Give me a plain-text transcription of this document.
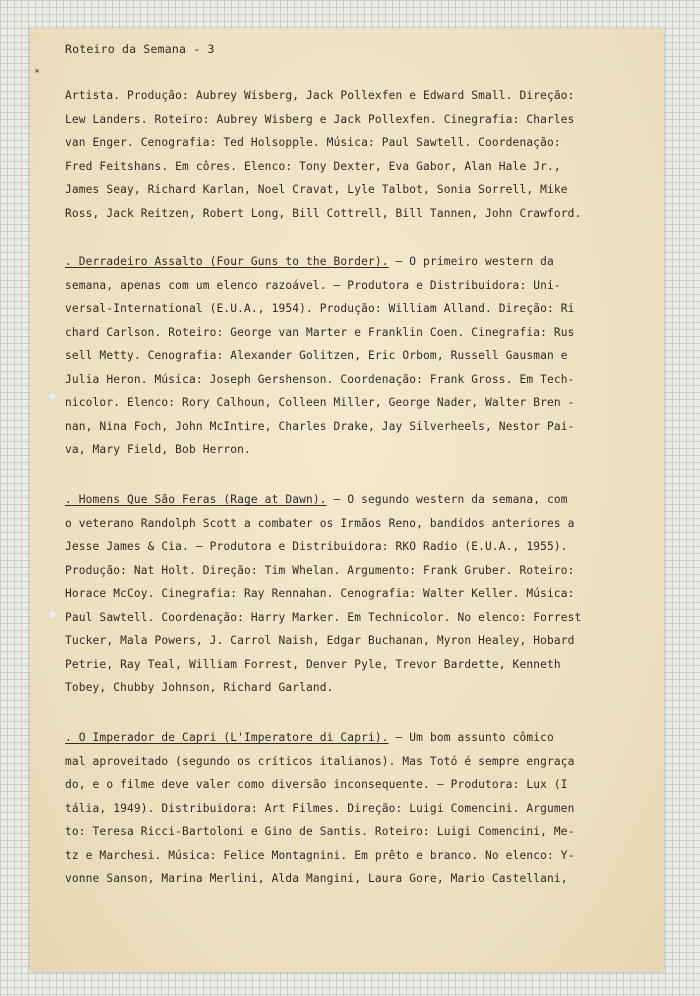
✶
Roteiro da Semana - 3
Artista. Produção: Aubrey Wisberg, Jack Pollexfen e Edward Small. Direção:
Lew Landers. Roteiro: Aubrey Wisberg e Jack Pollexfen. Cinegrafia: Charles
van Enger. Cenografia: Ted Holsopple. Música: Paul Sawtell. Coordenação:
Fred Feitshans. Em côres. Elenco: Tony Dexter, Eva Gabor, Alan Hale Jr.,
James Seay, Richard Karlan, Noel Cravat, Lyle Talbot, Sonia Sorrell, Mike
Ross, Jack Reitzen, Robert Long, Bill Cottrell, Bill Tannen, John Crawford.
. Derradeiro Assalto (Four Guns to the Border). — O primeiro western da
semana, apenas com um elenco razoável. — Produtora e Distribuidora: Uni-
versal-International (E.U.A., 1954). Produção: William Alland. Direção: Ri
chard Carlson. Roteiro: George van Marter e Franklin Coen. Cinegrafia: Rus
sell Metty. Cenografia: Alexander Golitzen, Eric Orbom, Russell Gausman e
Julia Heron. Música: Joseph Gershenson. Coordenação: Frank Gross. Em Tech-
nicolor. Elenco: Rory Calhoun, Colleen Miller, George Nader, Walter Bren -
nan, Nina Foch, John McIntire, Charles Drake, Jay Silverheels, Nestor Pai-
va, Mary Field, Bob Herron.
. Homens Que São Feras (Rage at Dawn). — O segundo western da semana, com
o veterano Randolph Scott a combater os Irmãos Reno, bandidos anteriores a
Jesse James & Cia. — Produtora e Distribuidora: RKO Radio (E.U.A., 1955).
Produção: Nat Holt. Direção: Tim Whelan. Argumento: Frank Gruber. Roteiro:
Horace McCoy. Cinegrafia: Ray Rennahan. Cenografia: Walter Keller. Música:
Paul Sawtell. Coordenação: Harry Marker. Em Technicolor. No elenco: Forrest
Tucker, Mala Powers, J. Carrol Naish, Edgar Buchanan, Myron Healey, Hobard
Petrie, Ray Teal, William Forrest, Denver Pyle, Trevor Bardette, Kenneth
Tobey, Chubby Johnson, Richard Garland.
. O Imperador de Capri (L'Imperatore di Capri). — Um bom assunto cômico
mal aproveitado (segundo os críticos italianos). Mas Totó é sempre engraça
do, e o filme deve valer como diversão inconsequente. — Produtora: Lux (I
tália, 1949). Distribuidora: Art Filmes. Direção: Luigi Comencini. Argumen
to: Teresa Ricci-Bartoloni e Gino de Santis. Roteiro: Luigi Comencini, Me-
tz e Marchesi. Música: Felice Montagnini. Em prêto e branco. No elenco: Y-
vonne Sanson, Marina Merlini, Alda Mangini, Laura Gore, Mario Castellani,
